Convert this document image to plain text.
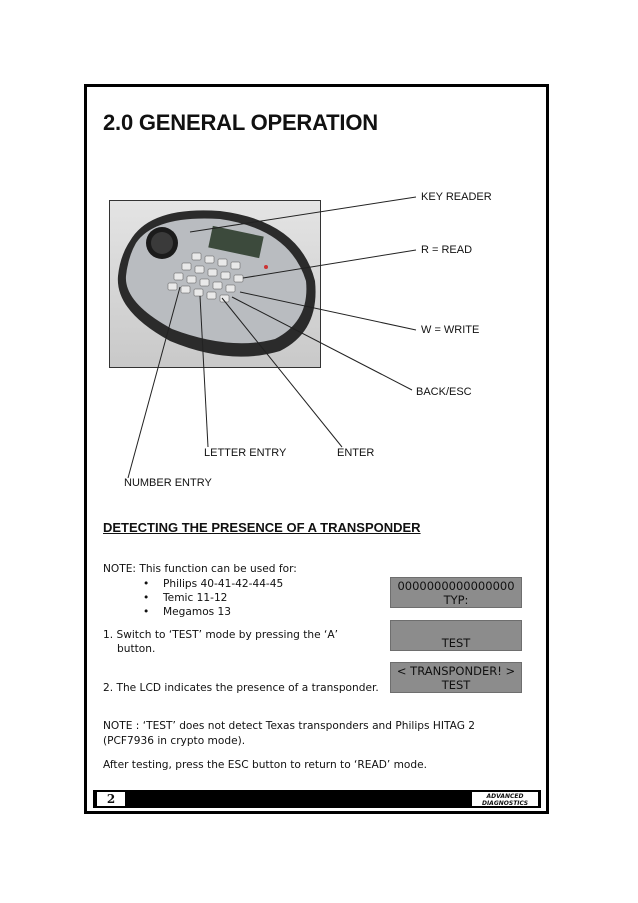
2.0 GENERAL OPERATION
KEY READER
R = READ
W = WRITE
BACK/ESC
LETTER ENTRY	ENTER
NUMBER ENTRY
DETECTING THE PRESENCE OF A TRANSPONDER
NOTE: This function can be used for:
• Philips 40-41-42-44-45
• Temic 11-12
• Megamos 13
1. Switch to ‘TEST’ mode by pressing the ‘A’
button.
2. The LCD indicates the presence of a transponder.
0000000000000000
TYP:
TEST
< TRANSPONDER! >
TEST
NOTE : ‘TEST’ does not detect Texas transponders and Philips HITAG 2
(PCF7936 in crypto mode).
After testing, press the ESC button to return to ‘READ’ mode.
2	ADVANCED
DIAGNOSTICS
